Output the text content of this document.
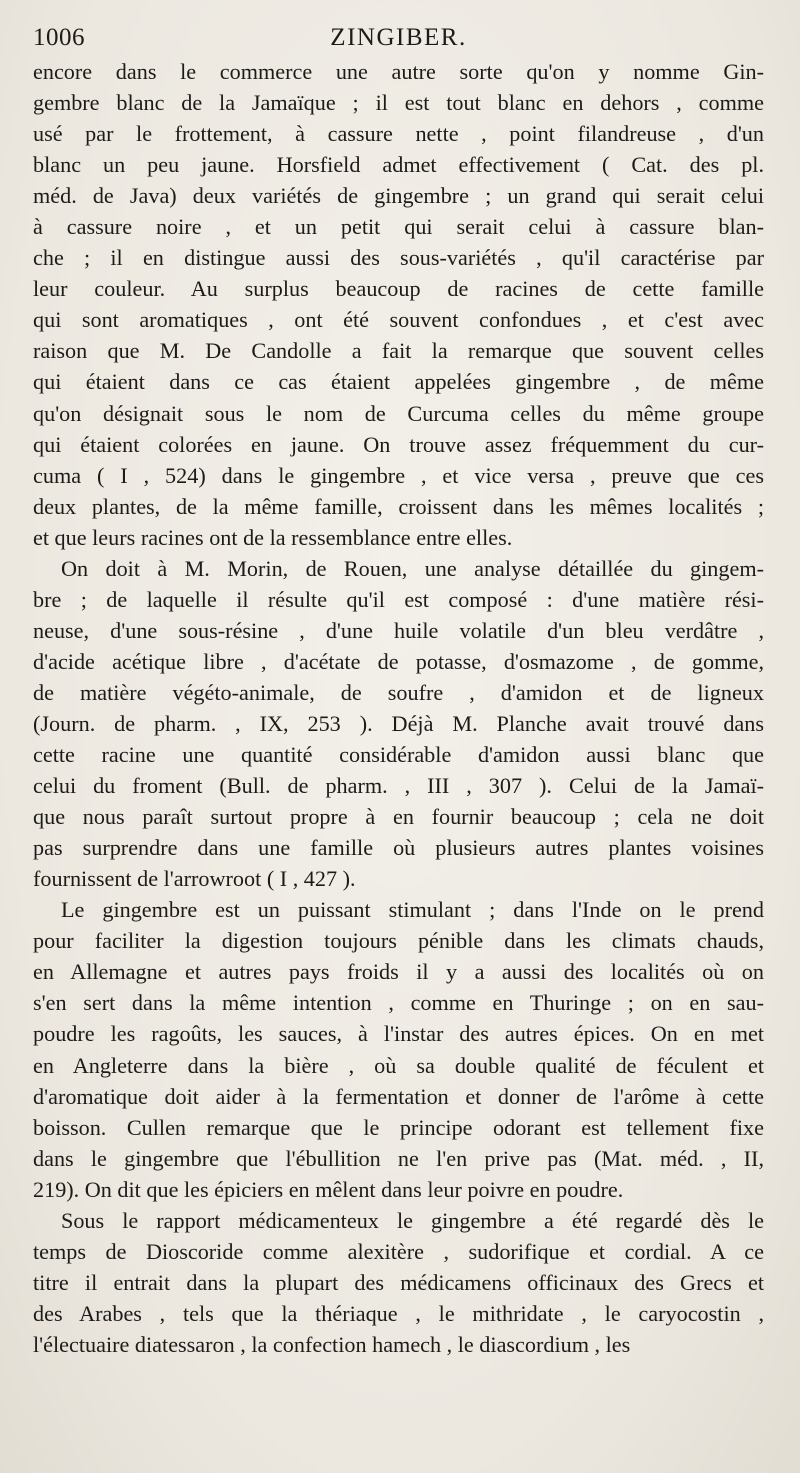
1006	ZINGIBER.
encore dans le commerce une autre sorte qu'on y nomme Gin-
gembre blanc de la Jamaïque ; il est tout blanc en dehors , comme
usé par le frottement, à cassure nette , point filandreuse , d'un
blanc un peu jaune. Horsfield admet effectivement ( Cat. des pl.
méd. de Java) deux variétés de gingembre ; un grand qui serait celui
à cassure noire , et un petit qui serait celui à cassure blan-
che ; il en distingue aussi des sous-variétés , qu'il caractérise par
leur couleur. Au surplus beaucoup de racines de cette famille
qui sont aromatiques , ont été souvent confondues , et c'est avec
raison que M. De Candolle a fait la remarque que souvent celles
qui étaient dans ce cas étaient appelées gingembre , de même
qu'on désignait sous le nom de Curcuma celles du même groupe
qui étaient colorées en jaune. On trouve assez fréquemment du cur-
cuma ( I , 524) dans le gingembre , et vice versa , preuve que ces
deux plantes, de la même famille, croissent dans les mêmes localités ;
et que leurs racines ont de la ressemblance entre elles.
On doit à M. Morin, de Rouen, une analyse détaillée du gingem-
bre ; de laquelle il résulte qu'il est composé : d'une matière rési-
neuse, d'une sous-résine , d'une huile volatile d'un bleu verdâtre ,
d'acide acétique libre , d'acétate de potasse, d'osmazome , de gomme,
de matière végéto-animale, de soufre , d'amidon et de ligneux
(Journ. de pharm. , IX, 253 ). Déjà M. Planche avait trouvé dans
cette racine une quantité considérable d'amidon aussi blanc que
celui du froment (Bull. de pharm. , III , 307 ). Celui de la Jamaï-
que nous paraît surtout propre à en fournir beaucoup ; cela ne doit
pas surprendre dans une famille où plusieurs autres plantes voisines
fournissent de l'arrowroot ( I , 427 ).
Le gingembre est un puissant stimulant ; dans l'Inde on le prend
pour faciliter la digestion toujours pénible dans les climats chauds,
en Allemagne et autres pays froids il y a aussi des localités où on
s'en sert dans la même intention , comme en Thuringe ; on en sau-
poudre les ragoûts, les sauces, à l'instar des autres épices. On en met
en Angleterre dans la bière , où sa double qualité de féculent et
d'aromatique doit aider à la fermentation et donner de l'arôme à cette
boisson. Cullen remarque que le principe odorant est tellement fixe
dans le gingembre que l'ébullition ne l'en prive pas (Mat. méd. , II,
219). On dit que les épiciers en mêlent dans leur poivre en poudre.
Sous le rapport médicamenteux le gingembre a été regardé dès le
temps de Dioscoride comme alexitère , sudorifique et cordial. A ce
titre il entrait dans la plupart des médicamens officinaux des Grecs et
des Arabes , tels que la thériaque , le mithridate , le caryocostin ,
l'électuaire diatessaron , la confection hamech , le diascordium , les
